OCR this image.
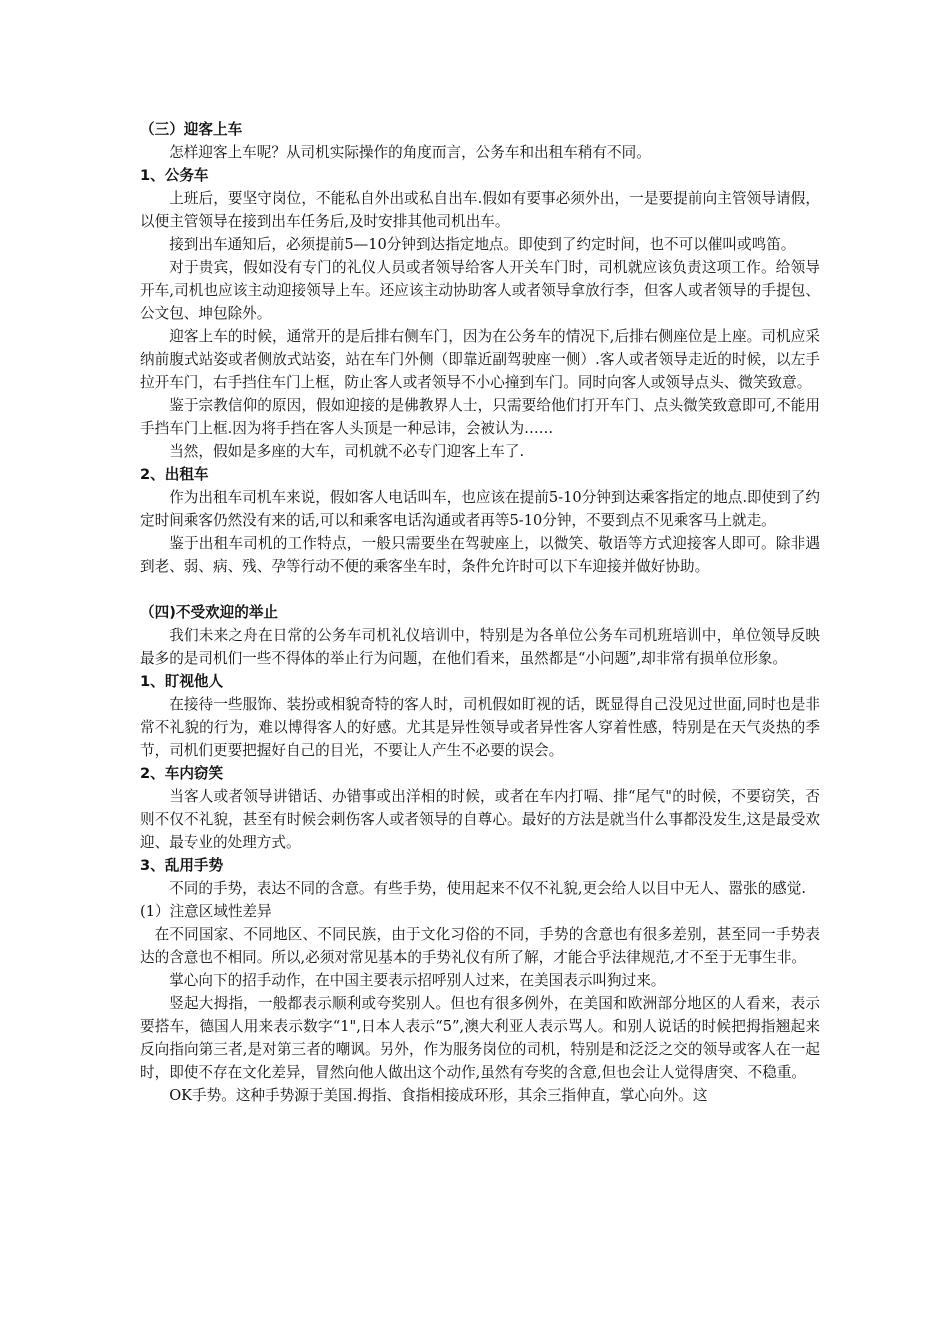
（三）迎客上车

怎样迎客上车呢？从司机实际操作的角度而言，公务车和出租车稍有不同。

1、公务车

上班后，要坚守岗位，不能私自外出或私自出车.假如有要事必须外出，一是要提前向主管领导请假，以便主管领导在接到出车任务后,及时安排其他司机出车。

接到出车通知后，必须提前5—10分钟到达指定地点。即使到了约定时间，也不可以催叫或鸣笛。

对于贵宾，假如没有专门的礼仪人员或者领导给客人开关车门时，司机就应该负责这项工作。给领导开车,司机也应该主动迎接领导上车。还应该主动协助客人或者领导拿放行李，但客人或者领导的手提包、公文包、坤包除外。

迎客上车的时候，通常开的是后排右侧车门，因为在公务车的情况下,后排右侧座位是上座。司机应采纳前腹式站姿或者侧放式站姿，站在车门外侧（即靠近副驾驶座一侧）.客人或者领导走近的时候，以左手拉开车门，右手挡住车门上框，防止客人或者领导不小心撞到车门。同时向客人或领导点头、微笑致意。

鉴于宗教信仰的原因，假如迎接的是佛教界人士，只需要给他们打开车门、点头微笑致意即可,不能用手挡车门上框.因为将手挡在客人头顶是一种忌讳，会被认为……

当然，假如是多座的大车，司机就不必专门迎客上车了.

2、出租车

作为出租车司机车来说，假如客人电话叫车，也应该在提前5-10分钟到达乘客指定的地点.即使到了约定时间乘客仍然没有来的话,可以和乘客电话沟通或者再等5-10分钟，不要到点不见乘客马上就走。

鉴于出租车司机的工作特点，一般只需要坐在驾驶座上，以微笑、敬语等方式迎接客人即可。除非遇到老、弱、病、残、孕等行动不便的乘客坐车时，条件允许时可以下车迎接并做好协助。

（四)不受欢迎的举止

我们未来之舟在日常的公务车司机礼仪培训中，特别是为各单位公务车司机班培训中，单位领导反映最多的是司机们一些不得体的举止行为问题，在他们看来，虽然都是“小问题”,却非常有损单位形象。

1、盯视他人

在接待一些服饰、装扮或相貌奇特的客人时，司机假如盯视的话，既显得自己没见过世面,同时也是非常不礼貌的行为，难以博得客人的好感。尤其是异性领导或者异性客人穿着性感，特别是在天气炎热的季节，司机们更要把握好自己的目光，不要让人产生不必要的误会。

2、车内窃笑

当客人或者领导讲错话、办错事或出洋相的时候，或者在车内打嗝、排“尾气"的时候，不要窃笑，否则不仅不礼貌，甚至有时候会刺伤客人或者领导的自尊心。最好的方法是就当什么事都没发生,这是最受欢迎、最专业的处理方式。

3、乱用手势

不同的手势，表达不同的含意。有些手势，使用起来不仅不礼貌,更会给人以目中无人、嚣张的感觉.

(1）注意区域性差异

在不同国家、不同地区、不同民族，由于文化习俗的不同，手势的含意也有很多差别，甚至同一手势表达的含意也不相同。所以,必须对常见基本的手势礼仪有所了解，才能合乎法律规范,才不至于无事生非。

掌心向下的招手动作，在中国主要表示招呼别人过来，在美国表示叫狗过来。

竖起大拇指，一般都表示顺利或夸奖别人。但也有很多例外，在美国和欧洲部分地区的人看来，表示要搭车，德国人用来表示数字“1",日本人表示“5”,澳大利亚人表示骂人。和别人说话的时候把拇指翘起来反向指向第三者,是对第三者的嘲讽。另外，作为服务岗位的司机，特别是和泛泛之交的领导或客人在一起时，即使不存在文化差异，冒然向他人做出这个动作,虽然有夸奖的含意,但也会让人觉得唐突、不稳重。

OK手势。这种手势源于美国.拇指、食指相接成环形，其余三指伸直，掌心向外。这
